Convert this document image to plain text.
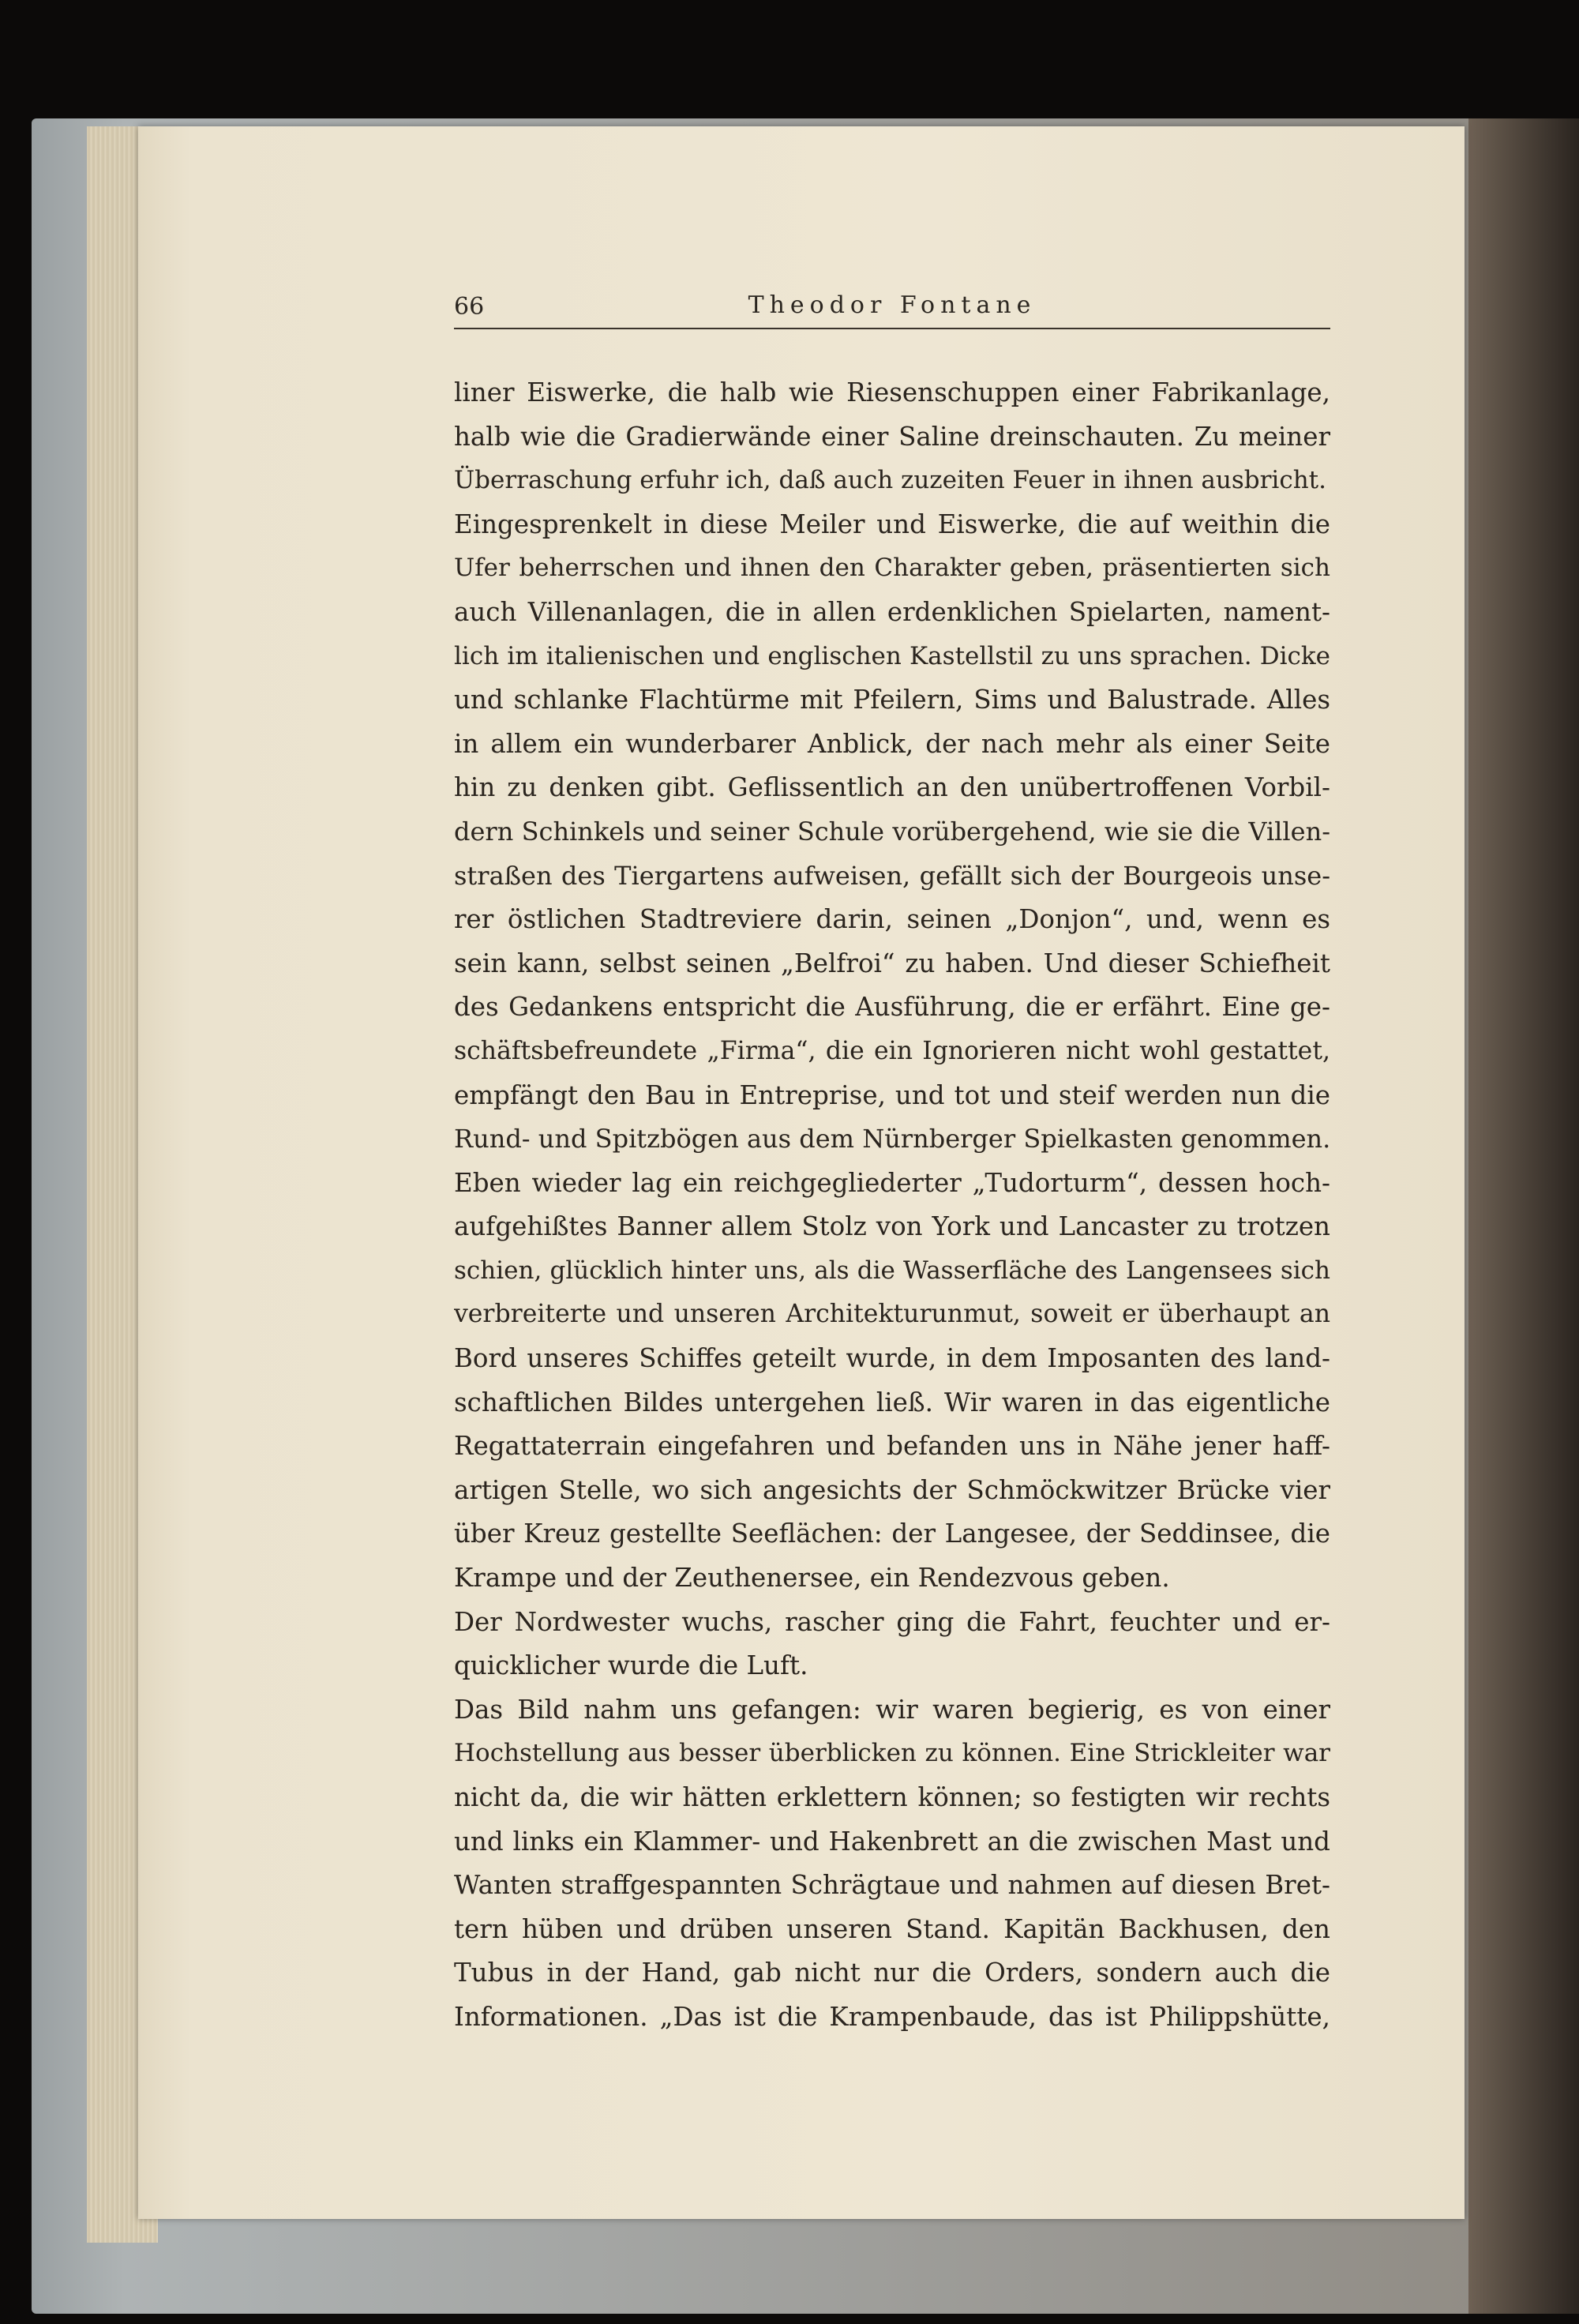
66	Theodor Fontane
liner Eiswerke, die halb wie Riesenschuppen einer Fabrikanlage,
halb wie die Gradierwände einer Saline dreinschauten. Zu meiner
Überraschung erfuhr ich, daß auch zuzeiten Feuer in ihnen ausbricht.
Eingesprenkelt in diese Meiler und Eiswerke, die auf weithin die
Ufer beherrschen und ihnen den Charakter geben, präsentierten sich
auch Villenanlagen, die in allen erdenklichen Spielarten, nament-
lich im italienischen und englischen Kastellstil zu uns sprachen. Dicke
und schlanke Flachtürme mit Pfeilern, Sims und Balustrade. Alles
in allem ein wunderbarer Anblick, der nach mehr als einer Seite
hin zu denken gibt. Geflissentlich an den unübertroffenen Vorbil-
dern Schinkels und seiner Schule vorübergehend, wie sie die Villen-
straßen des Tiergartens aufweisen, gefällt sich der Bourgeois unse-
rer östlichen Stadtreviere darin, seinen „Donjon“, und, wenn es
sein kann, selbst seinen „Belfroi“ zu haben. Und dieser Schiefheit
des Gedankens entspricht die Ausführung, die er erfährt. Eine ge-
schäftsbefreundete „Firma“, die ein Ignorieren nicht wohl gestattet,
empfängt den Bau in Entreprise, und tot und steif werden nun die
Rund- und Spitzbögen aus dem Nürnberger Spielkasten genommen.
Eben wieder lag ein reichgegliederter „Tudorturm“, dessen hoch-
aufgehißtes Banner allem Stolz von York und Lancaster zu trotzen
schien, glücklich hinter uns, als die Wasserfläche des Langensees sich
verbreiterte und unseren Architekturunmut, soweit er überhaupt an
Bord unseres Schiffes geteilt wurde, in dem Imposanten des land-
schaftlichen Bildes untergehen ließ. Wir waren in das eigentliche
Regattaterrain eingefahren und befanden uns in Nähe jener haff-
artigen Stelle, wo sich angesichts der Schmöckwitzer Brücke vier
über Kreuz gestellte Seeflächen: der Langesee, der Seddinsee, die
Krampe und der Zeuthenersee, ein Rendezvous geben.
Der Nordwester wuchs, rascher ging die Fahrt, feuchter und er-
quicklicher wurde die Luft.
Das Bild nahm uns gefangen: wir waren begierig, es von einer
Hochstellung aus besser überblicken zu können. Eine Strickleiter war
nicht da, die wir hätten erklettern können; so festigten wir rechts
und links ein Klammer- und Hakenbrett an die zwischen Mast und
Wanten straffgespannten Schrägtaue und nahmen auf diesen Bret-
tern hüben und drüben unseren Stand. Kapitän Backhusen, den
Tubus in der Hand, gab nicht nur die Orders, sondern auch die
Informationen. „Das ist die Krampenbaude, das ist Philippshütte,
